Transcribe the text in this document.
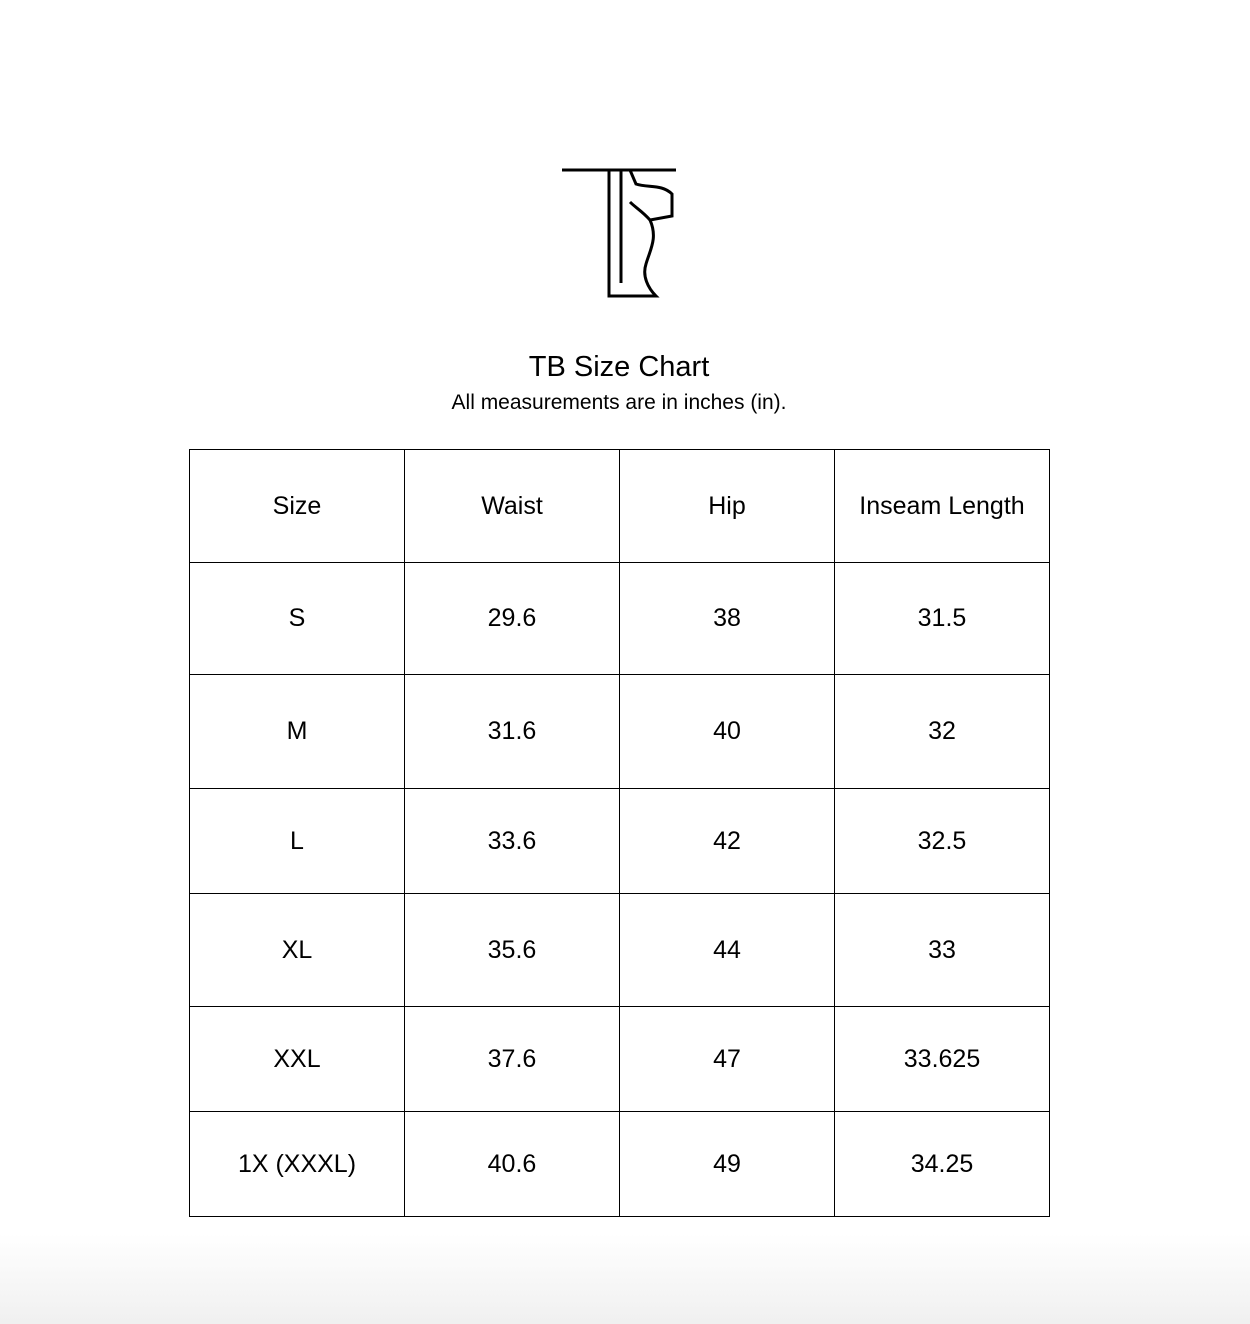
TB Size Chart
All measurements are in inches (in).
Size	Waist	Hip	Inseam Length
S	29.6	38	31.5
M	31.6	40	32
L	33.6	42	32.5
XL	35.6	44	33
XXL	37.6	47	33.625
1X (XXXL)	40.6	49	34.25
